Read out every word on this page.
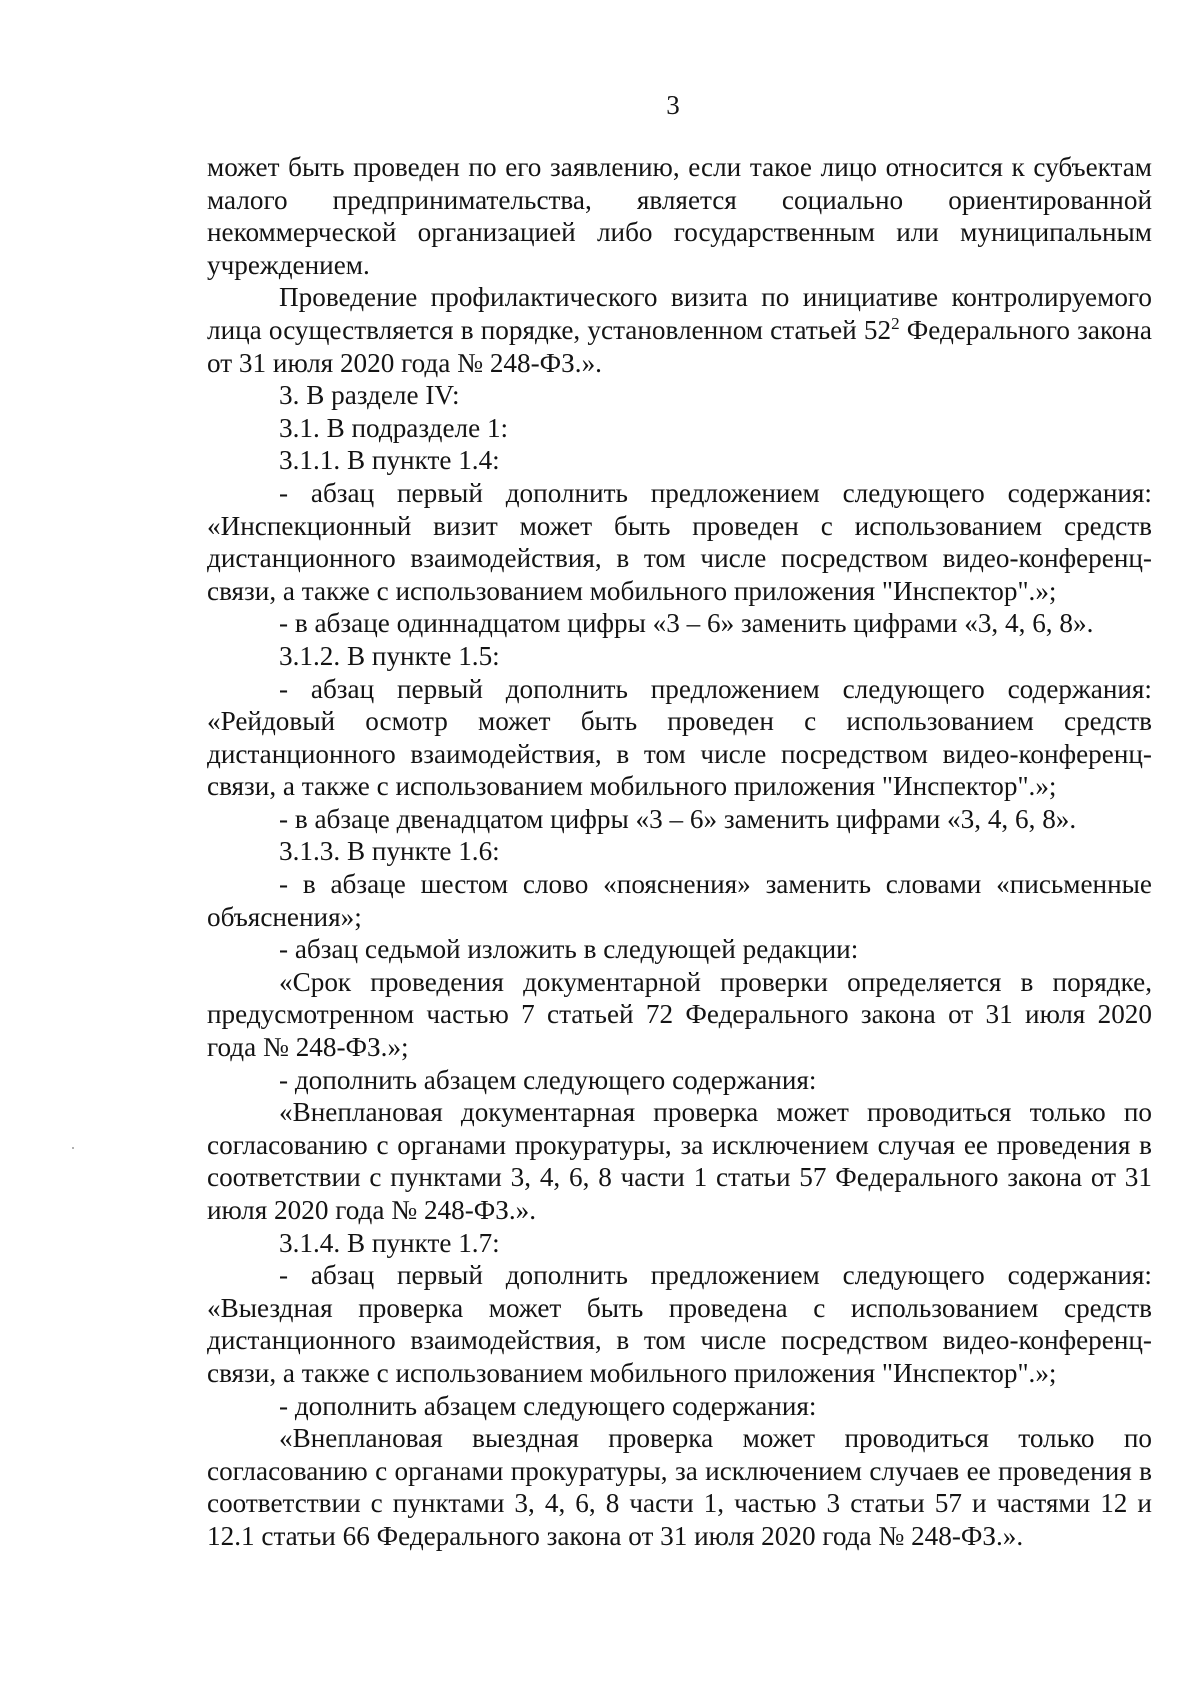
3

может быть проведен по его заявлению, если такое лицо относится к субъектам малого предпринимательства, является социально ориентированной некоммерческой организацией либо государственным или муниципальным учреждением.

Проведение профилактического визита по инициативе контролируемого лица осуществляется в порядке, установленном статьей $52^2$ Федерального закона от 31 июля 2020 года № 248-ФЗ.».

3. В разделе IV:

3.1. В подразделе 1:

3.1.1. В пункте 1.4:

- абзац первый дополнить предложением следующего содержания: «Инспекционный визит может быть проведен с использованием средств дистанционного взаимодействия, в том числе посредством видео-конференц-связи, а также с использованием мобильного приложения "Инспектор".»;

- в абзаце одиннадцатом цифры «3 – 6» заменить цифрами «3, 4, 6, 8».

3.1.2. В пункте 1.5:

- абзац первый дополнить предложением следующего содержания: «Рейдовый осмотр может быть проведен с использованием средств дистанционного взаимодействия, в том числе посредством видео-конференц-связи, а также с использованием мобильного приложения "Инспектор".»;

- в абзаце двенадцатом цифры «3 – 6» заменить цифрами «3, 4, 6, 8».

3.1.3. В пункте 1.6:

- в абзаце шестом слово «пояснения» заменить словами «письменные объяснения»;

- абзац седьмой изложить в следующей редакции:

«Срок проведения документарной проверки определяется в порядке, предусмотренном частью 7 статьей 72 Федерального закона от 31 июля 2020 года № 248-ФЗ.»;

- дополнить абзацем следующего содержания:

«Внеплановая документарная проверка может проводиться только по согласованию с органами прокуратуры, за исключением случая ее проведения в соответствии с пунктами 3, 4, 6, 8 части 1 статьи 57 Федерального закона от 31 июля 2020 года № 248-ФЗ.».

3.1.4. В пункте 1.7:

- абзац первый дополнить предложением следующего содержания: «Выездная проверка может быть проведена с использованием средств дистанционного взаимодействия, в том числе посредством видео-конференц-связи, а также с использованием мобильного приложения "Инспектор".»;

- дополнить абзацем следующего содержания:

«Внеплановая выездная проверка может проводиться только по согласованию с органами прокуратуры, за исключением случаев ее проведения в соответствии с пунктами 3, 4, 6, 8 части 1, частью 3 статьи 57 и частями 12 и 12.1 статьи 66 Федерального закона от 31 июля 2020 года № 248-ФЗ.».
